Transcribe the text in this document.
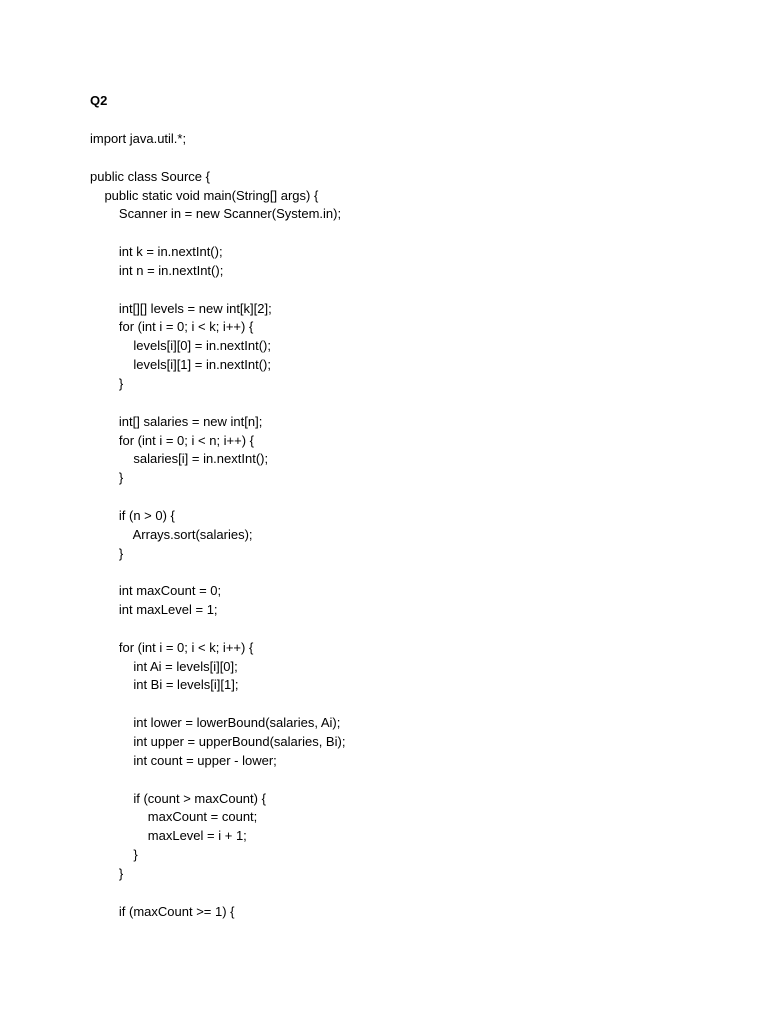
Q2
import java.util.*;
public class Source {
public static void main(String[] args) {
Scanner in = new Scanner(System.in);
int k = in.nextInt();
int n = in.nextInt();
int[][] levels = new int[k][2];
for (int i = 0; i < k; i++) {
levels[i][0] = in.nextInt();
levels[i][1] = in.nextInt();
}
int[] salaries = new int[n];
for (int i = 0; i < n; i++) {
salaries[i] = in.nextInt();
}
if (n > 0) {
Arrays.sort(salaries);
}
int maxCount = 0;
int maxLevel = 1;
for (int i = 0; i < k; i++) {
int Ai = levels[i][0];
int Bi = levels[i][1];
int lower = lowerBound(salaries, Ai);
int upper = upperBound(salaries, Bi);
int count = upper - lower;
if (count > maxCount) {
maxCount = count;
maxLevel = i + 1;
}
}
if (maxCount >= 1) {
